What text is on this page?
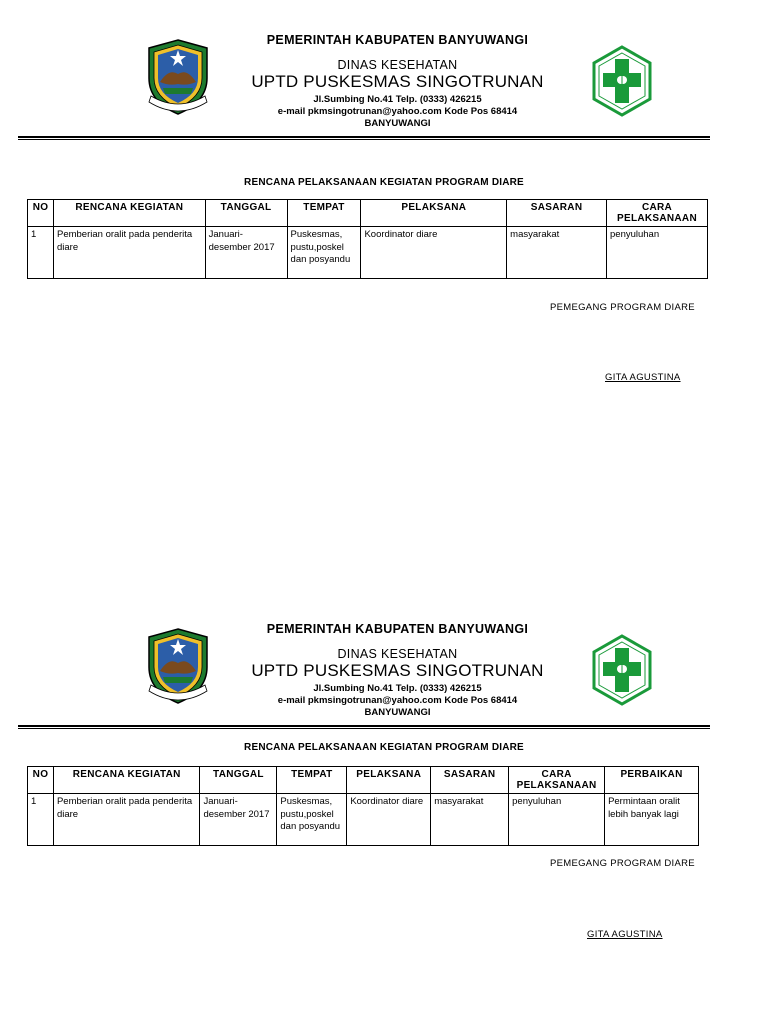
PEMERINTAH KABUPATEN BANYUWANGI
DINAS KESEHATAN
UPTD PUSKESMAS SINGOTRUNAN
Jl.Sumbing No.41 Telp. (0333) 426215
e-mail pkmsingotrunan@yahoo.com Kode Pos 68414
BANYUWANGI
RENCANA PELAKSANAAN KEGIATAN PROGRAM DIARE
NO	RENCANA KEGIATAN	TANGGAL	TEMPAT	PELAKSANA	SASARAN	CARA PELAKSANAAN
1	Pemberian oralit pada penderita diare	Januari-desember 2017	Puskesmas, pustu,poskel dan posyandu	Koordinator diare	masyarakat	penyuluhan
PEMEGANG PROGRAM DIARE
GITA AGUSTINA
PEMERINTAH KABUPATEN BANYUWANGI
DINAS KESEHATAN
UPTD PUSKESMAS SINGOTRUNAN
Jl.Sumbing No.41 Telp. (0333) 426215
e-mail pkmsingotrunan@yahoo.com Kode Pos 68414
BANYUWANGI
RENCANA PELAKSANAAN KEGIATAN PROGRAM DIARE
NO	RENCANA KEGIATAN	TANGGAL	TEMPAT	PELAKSANA	SASARAN	CARA PELAKSANAAN	PERBAIKAN
1	Pemberian oralit pada penderita diare	Januari-desember 2017	Puskesmas, pustu,poskel dan posyandu	Koordinator diare	masyarakat	penyuluhan	Permintaan oralit lebih banyak lagi
PEMEGANG PROGRAM DIARE
GITA AGUSTINA
